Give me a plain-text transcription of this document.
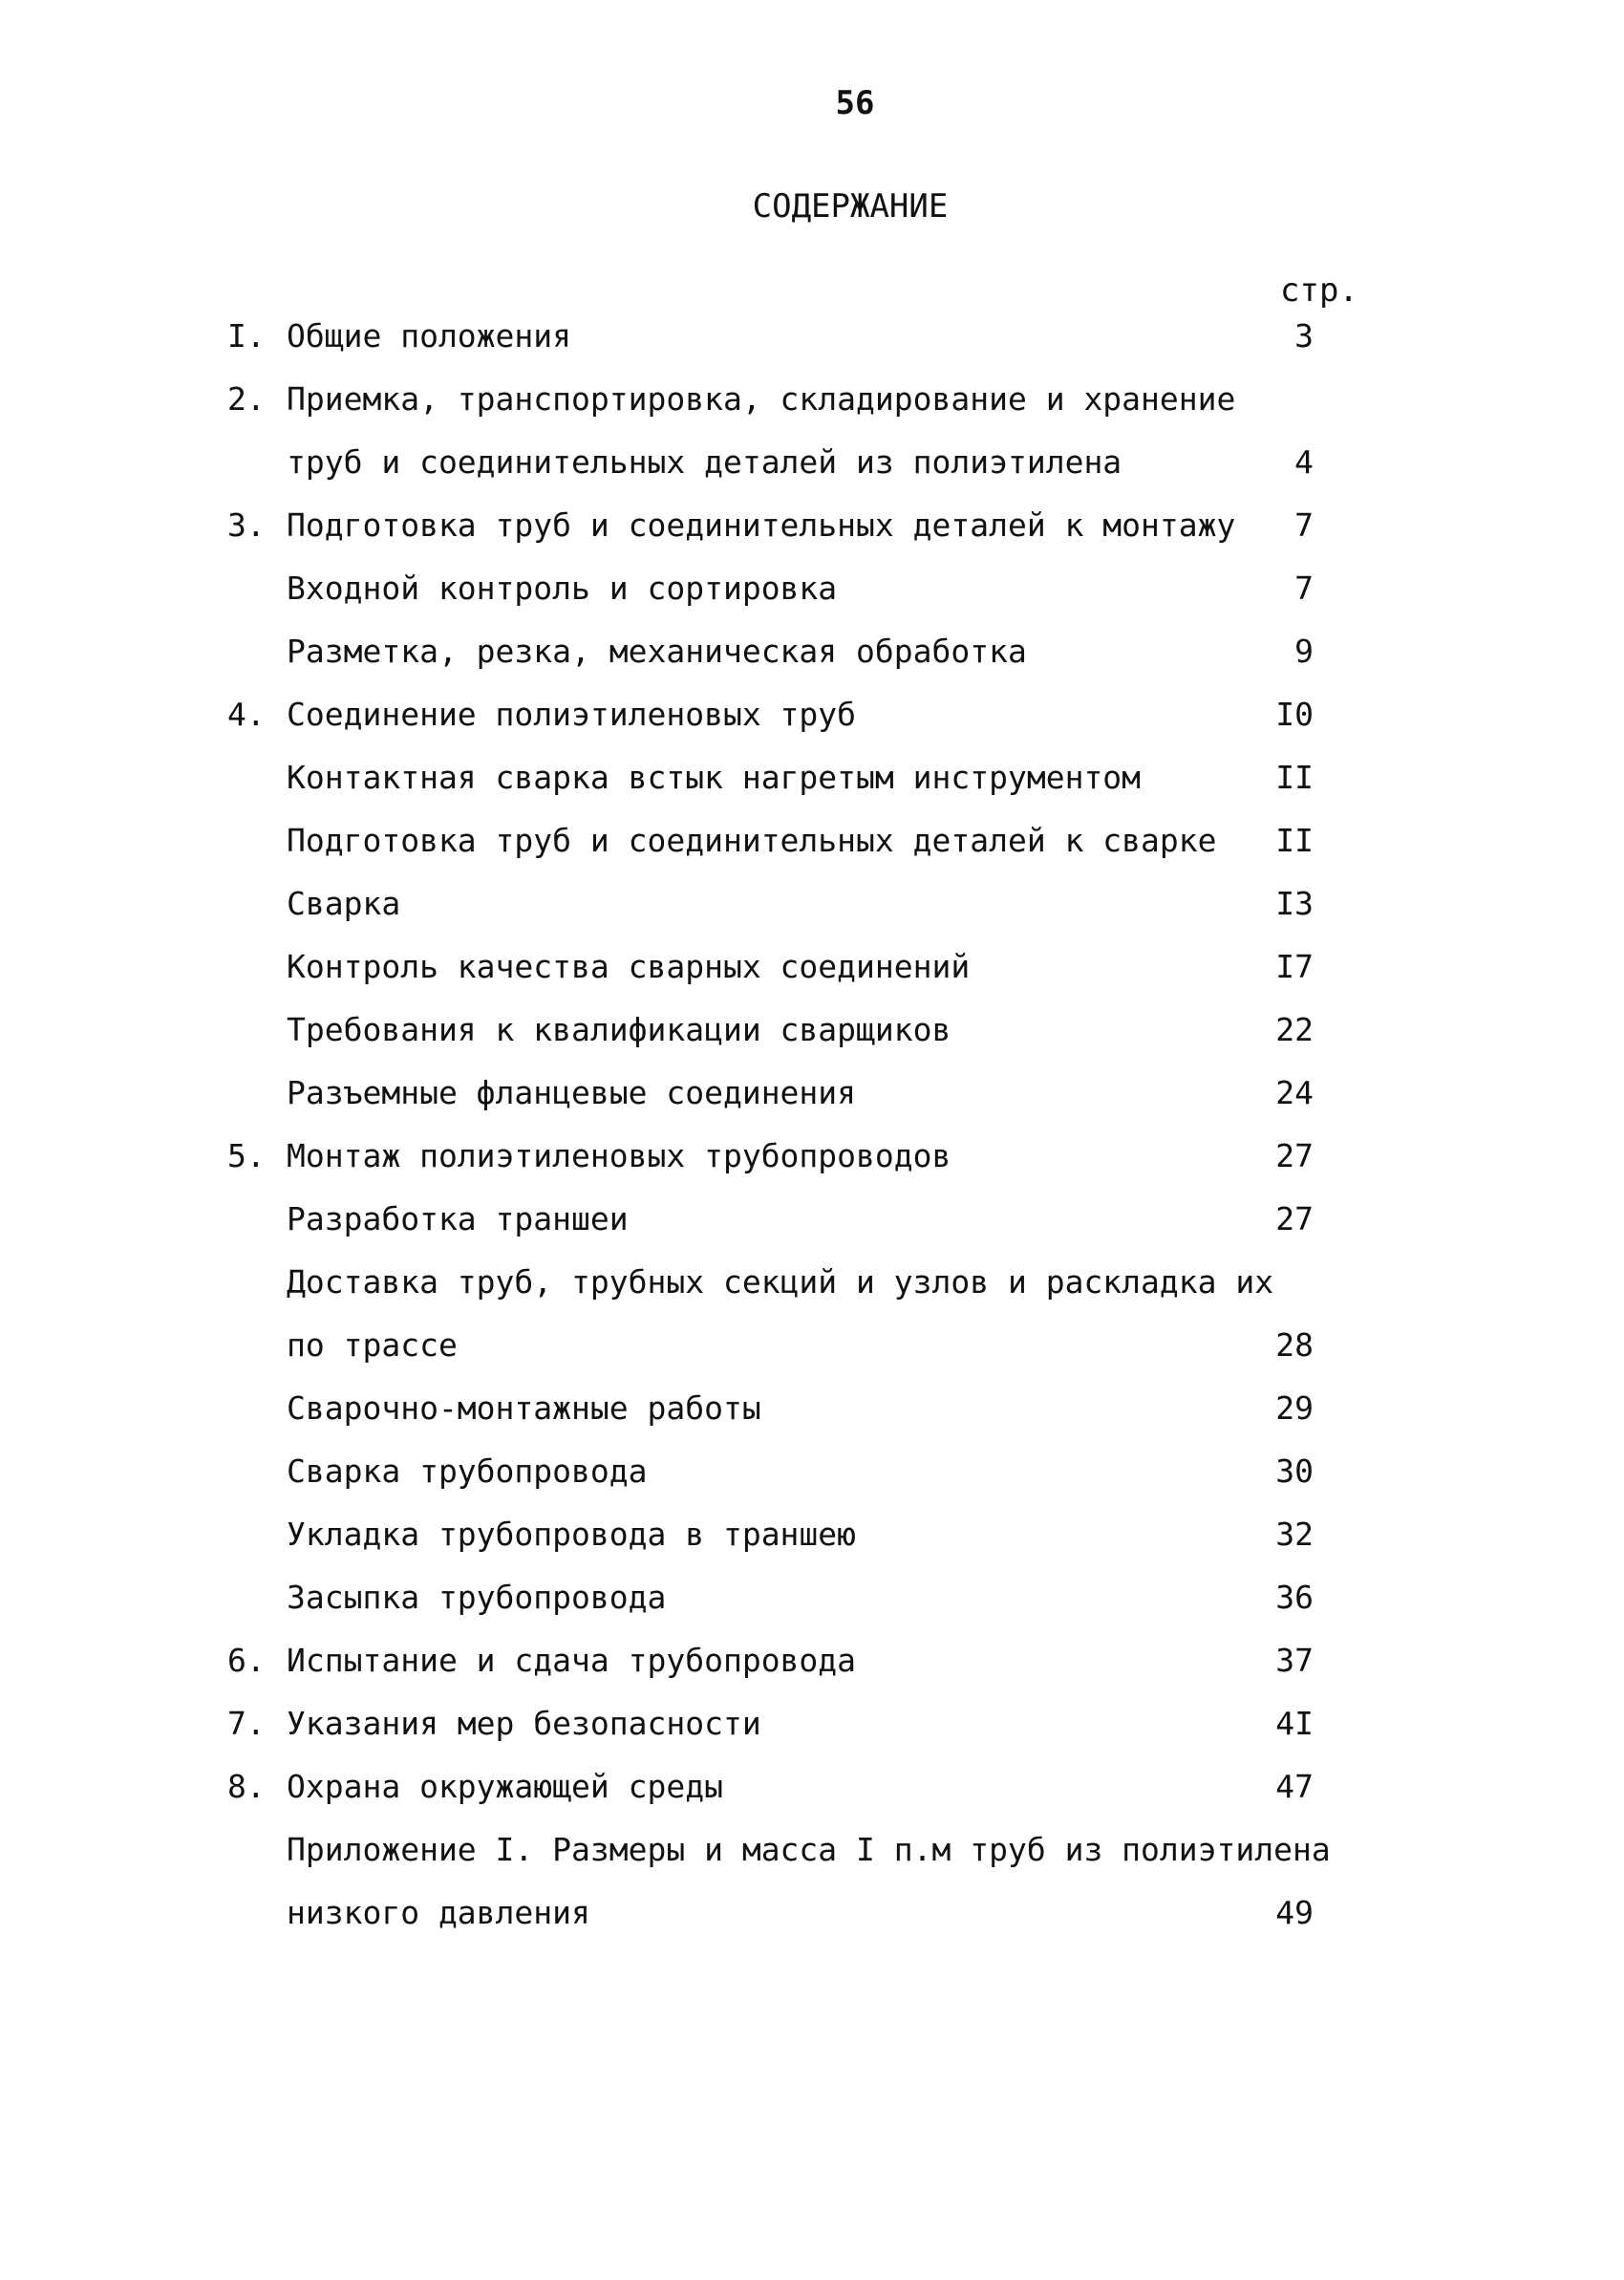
56
СОДЕРЖАНИЕ
стр.
I. Общие положения	3
2. Приемка, транспортировка, складирование и хранение
труб и соединительных деталей из полиэтилена	4
3. Подготовка труб и соединительных деталей к монтажу	7
Входной контроль и сортировка	7
Разметка, резка, механическая обработка	9
4. Соединение полиэтиленовых труб	I0
Контактная сварка встык нагретым инструментом	II
Подготовка труб и соединительных деталей к сварке	II
Сварка	I3
Контроль качества сварных соединений	I7
Требования к квалификации сварщиков	22
Разъемные фланцевые соединения	24
5. Монтаж полиэтиленовых трубопроводов	27
Разработка траншеи	27
Доставка труб, трубных секций и узлов и раскладка их
по трассе	28
Сварочно-монтажные работы	29
Сварка трубопровода	30
Укладка трубопровода в траншею	32
Засыпка трубопровода	36
6. Испытание и сдача трубопровода	37
7. Указания мер безопасности	4I
8. Охрана окружающей среды	47
Приложение I. Размеры и масса I п.м труб из полиэтилена
низкого давления	49
